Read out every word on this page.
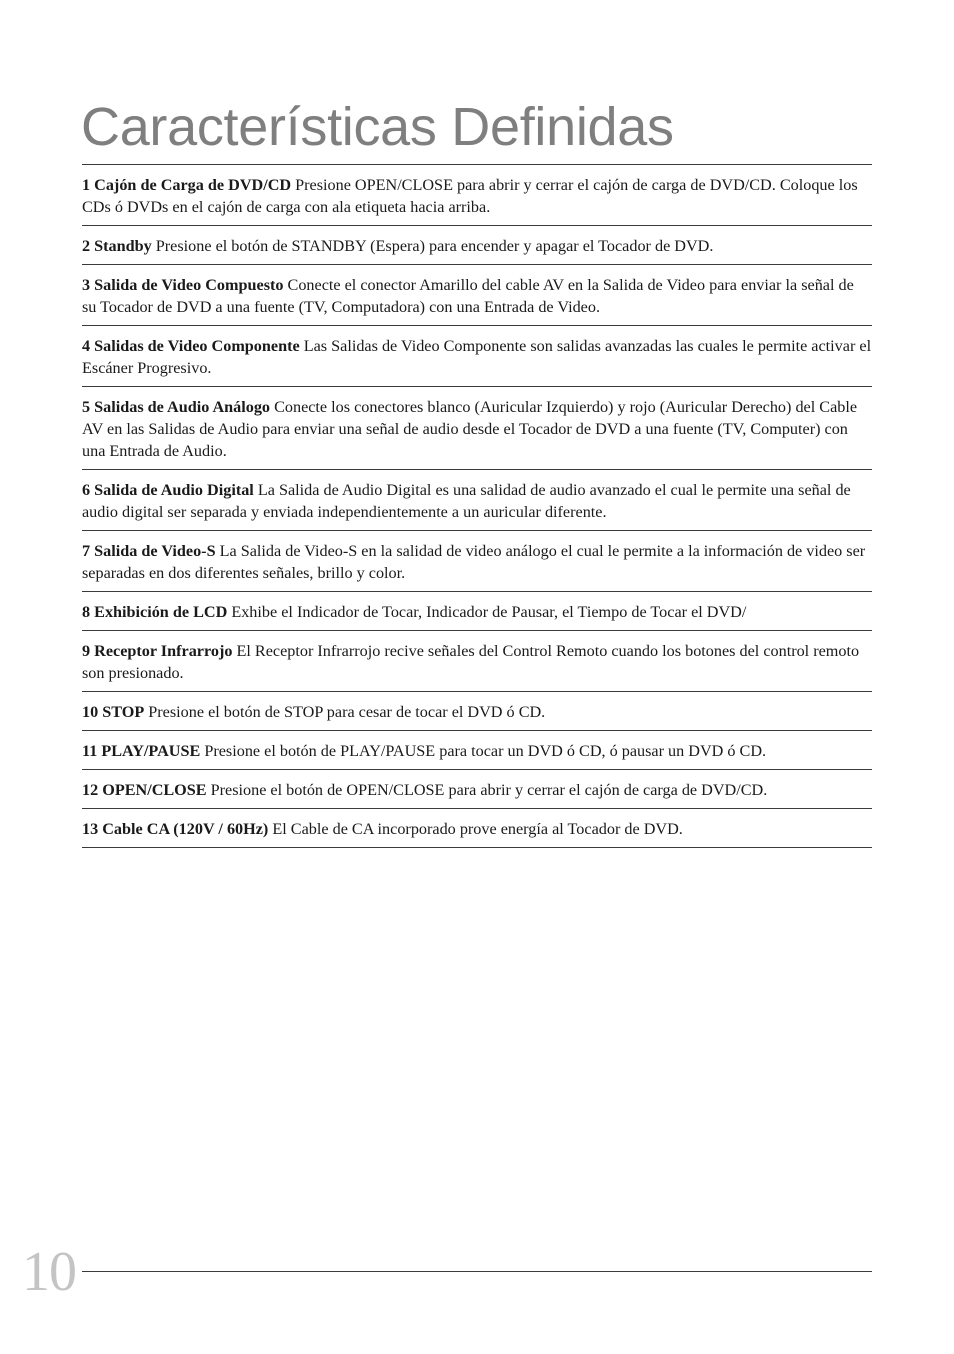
Características Definidas
1 Cajón de Carga de DVD/CD Presione OPEN/CLOSE para abrir y cerrar el cajón de carga de DVD/CD. Coloque los CDs ó DVDs en el cajón de carga con ala etiqueta hacia arriba.
2 Standby Presione el botón de STANDBY (Espera) para encender y apagar el Tocador de DVD.
3 Salida de Video Compuesto Conecte el conector Amarillo del cable AV en la Salida de Video para enviar la señal de su Tocador de DVD a una fuente (TV, Computadora) con una Entrada de Video.
4 Salidas de Video Componente Las Salidas de Video Componente son salidas avanzadas las cuales le permite activar el Escáner Progresivo.
5 Salidas de Audio Análogo Conecte los conectores blanco (Auricular Izquierdo) y rojo (Auricular Derecho) del Cable AV en las Salidas de Audio para enviar una señal de audio desde el Tocador de DVD a una fuente (TV, Computer) con una Entrada de Audio.
6 Salida de Audio Digital La Salida de Audio Digital es una salidad de audio avanzado el cual le permite una señal de audio digital ser separada y enviada independientemente a un auricular diferente.
7 Salida de Video-S La Salida de Video-S en la salidad de video análogo el cual le permite a la información de video ser separadas en dos diferentes señales, brillo y color.
8 Exhibición de LCD Exhibe el Indicador de Tocar, Indicador de Pausar, el Tiempo de Tocar el DVD/
9 Receptor Infrarrojo El Receptor Infrarrojo recive señales del Control Remoto cuando los botones del control remoto son presionado.
10 STOP Presione el botón de STOP para cesar de tocar el DVD ó CD.
11 PLAY/PAUSE Presione el botón de PLAY/PAUSE para tocar un DVD ó CD, ó pausar un DVD ó CD.
12 OPEN/CLOSE Presione el botón de OPEN/CLOSE para abrir y cerrar el cajón de carga de DVD/CD.
13 Cable CA (120V / 60Hz) El Cable de CA incorporado prove energía al Tocador de DVD.
10
